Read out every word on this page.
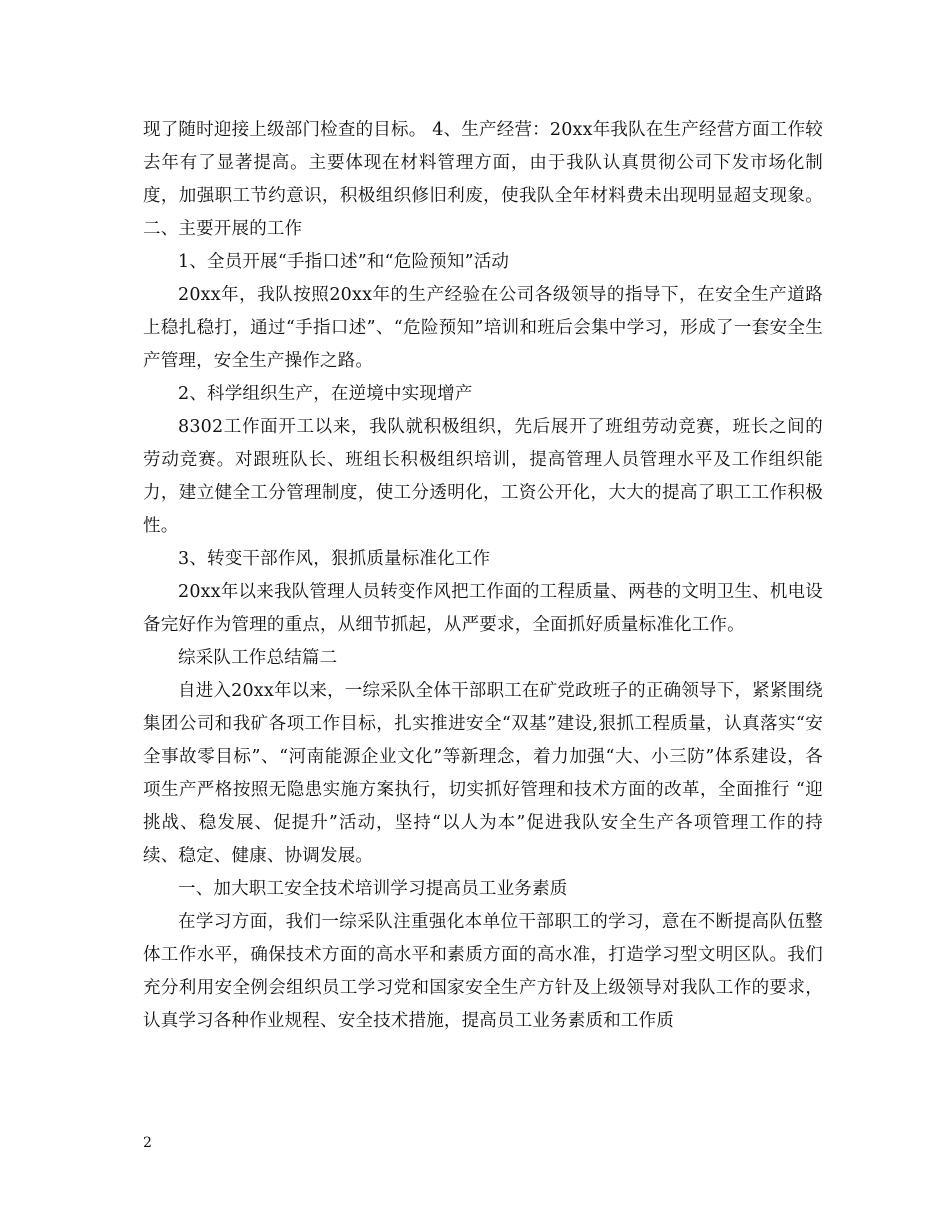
现了随时迎接上级部门检查的目标。 4、生产经营：20xx年我队在生产经营方面工作较去年有了显著提高。主要体现在材料管理方面，由于我队认真贯彻公司下发市场化制度，加强职工节约意识，积极组织修旧利废，使我队全年材料费未出现明显超支现象。 二、主要开展的工作

1、全员开展“手指口述”和“危险预知”活动

20xx年，我队按照20xx年的生产经验在公司各级领导的指导下，在安全生产道路上稳扎稳打，通过“手指口述”、“危险预知”培训和班后会集中学习，形成了一套安全生产管理，安全生产操作之路。

2、科学组织生产，在逆境中实现增产

8302工作面开工以来，我队就积极组织，先后展开了班组劳动竞赛，班长之间的劳动竞赛。对跟班队长、班组长积极组织培训，提高管理人员管理水平及工作组织能力，建立健全工分管理制度，使工分透明化，工资公开化，大大的提高了职工工作积极性。

3、转变干部作风，狠抓质量标准化工作

20xx年以来我队管理人员转变作风把工作面的工程质量、两巷的文明卫生、机电设备完好作为管理的重点，从细节抓起，从严要求，全面抓好质量标准化工作。

综采队工作总结篇二

自进入20xx年以来，一综采队全体干部职工在矿党政班子的正确领导下，紧紧围绕集团公司和我矿各项工作目标，扎实推进安全“双基”建设,狠抓工程质量，认真落实“安全事故零目标”、“河南能源企业文化”等新理念，着力加强“大、小三防”体系建设，各项生产严格按照无隐患实施方案执行，切实抓好管理和技术方面的改革，全面推行 “迎挑战、稳发展、促提升”活动，坚持“以人为本”促进我队安全生产各项管理工作的持续、稳定、健康、协调发展。

一、加大职工安全技术培训学习提高员工业务素质

在学习方面，我们一综采队注重强化本单位干部职工的学习，意在不断提高队伍整体工作水平，确保技术方面的高水平和素质方面的高水准，打造学习型文明区队。我们充分利用安全例会组织员工学习党和国家安全生产方针及上级领导对我队工作的要求，认真学习各种作业规程、安全技术措施，提高员工业务素质和工作质

2
